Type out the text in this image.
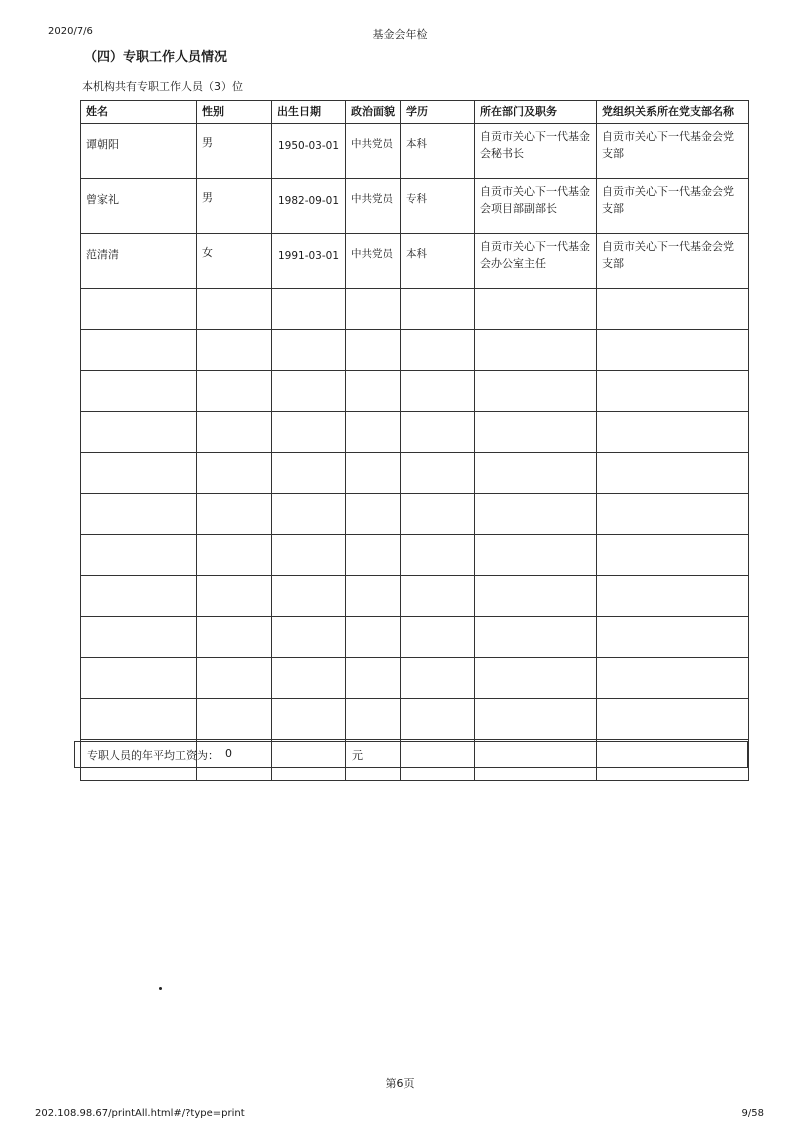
2020/7/6	基金会年检
（四）专职工作人员情况
本机构共有专职工作人员（3）位
姓名	性别	出生日期	政治面貌	学历	所在部门及职务	党组织关系所在党支部名称
谭朝阳	男	1950-03-01	中共党员	本科	自贡市关心下一代基金会秘书长	自贡市关心下一代基金会党支部
曾家礼	男	1982-09-01	中共党员	专科	自贡市关心下一代基金会项目部副部长	自贡市关心下一代基金会党支部
范清清	女	1991-03-01	中共党员	本科	自贡市关心下一代基金会办公室主任	自贡市关心下一代基金会党支部

专职人员的年平均工资为： 0	元
第6页
202.108.98.67/printAll.html#/?type=print	9/58
